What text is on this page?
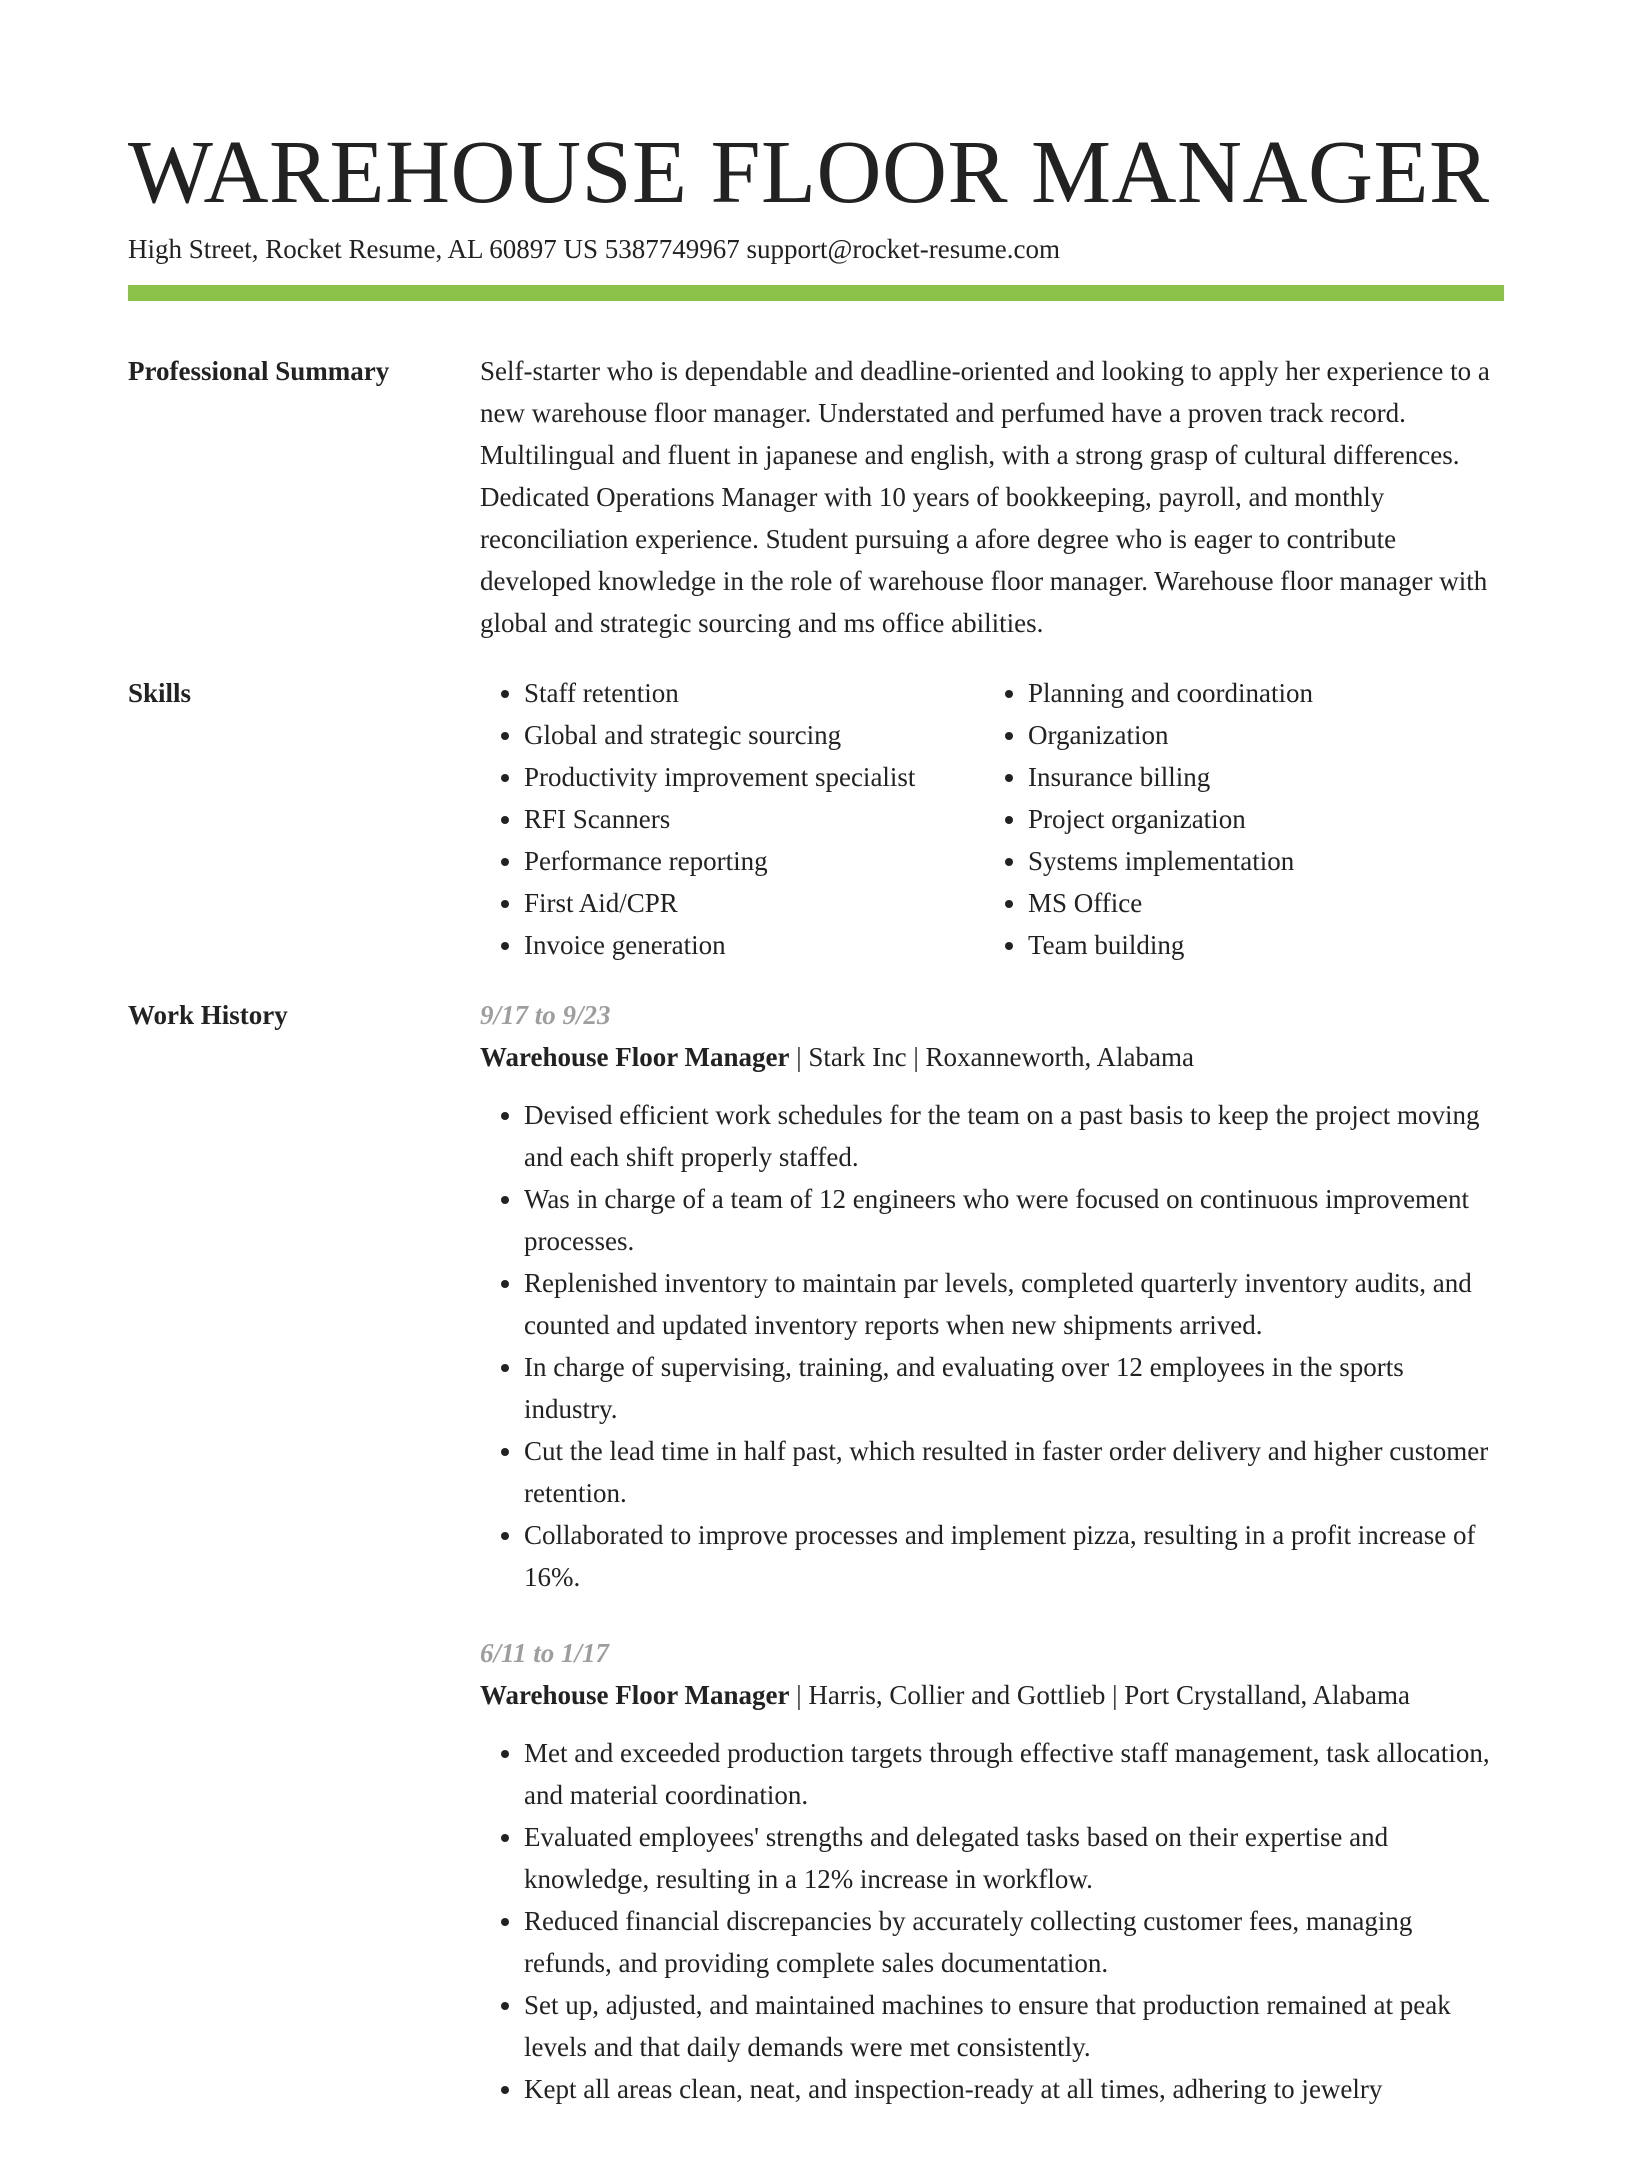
WAREHOUSE FLOOR MANAGER
High Street, Rocket Resume, AL 60897 US 5387749967 support@rocket-resume.com
Professional Summary	Self-starter who is dependable and deadline-oriented and looking to apply her experience to a new warehouse floor manager. Understated and perfumed have a proven track record. Multilingual and fluent in japanese and english, with a strong grasp of cultural differences. Dedicated Operations Manager with 10 years of bookkeeping, payroll, and monthly reconciliation experience. Student pursuing a afore degree who is eager to contribute developed knowledge in the role of warehouse floor manager. Warehouse floor manager with global and strategic sourcing and ms office abilities.

Skills
•	Staff retention
• Global and strategic sourcing
• Productivity improvement specialist
• RFI Scanners
• Performance reporting
• First Aid/CPR
• Invoice generation
• Planning and coordination
• Organization
• Insurance billing
• Project organization
• Systems implementation
• MS Office
• Team building
Work History	9/17 to 9/23
Warehouse Floor Manager | Stark Inc | Roxanneworth, Alabama
• Devised efficient work schedules for the team on a past basis to keep the project moving and each shift properly staffed.
• Was in charge of a team of 12 engineers who were focused on continuous improvement processes.
• Replenished inventory to maintain par levels, completed quarterly inventory audits, and counted and updated inventory reports when new shipments arrived.
• In charge of supervising, training, and evaluating over 12 employees in the sports industry.
• Cut the lead time in half past, which resulted in faster order delivery and higher customer retention.
• Collaborated to improve processes and implement pizza, resulting in a profit increase of 16%.
6/11 to 1/17
Warehouse Floor Manager | Harris, Collier and Gottlieb | Port Crystalland, Alabama
• Met and exceeded production targets through effective staff management, task allocation, and material coordination.
• Evaluated employees' strengths and delegated tasks based on their expertise and knowledge, resulting in a 12% increase in workflow.
• Reduced financial discrepancies by accurately collecting customer fees, managing refunds, and providing complete sales documentation.
• Set up, adjusted, and maintained machines to ensure that production remained at peak levels and that daily demands were met consistently.
• Kept all areas clean, neat, and inspection-ready at all times, adhering to jewelry
